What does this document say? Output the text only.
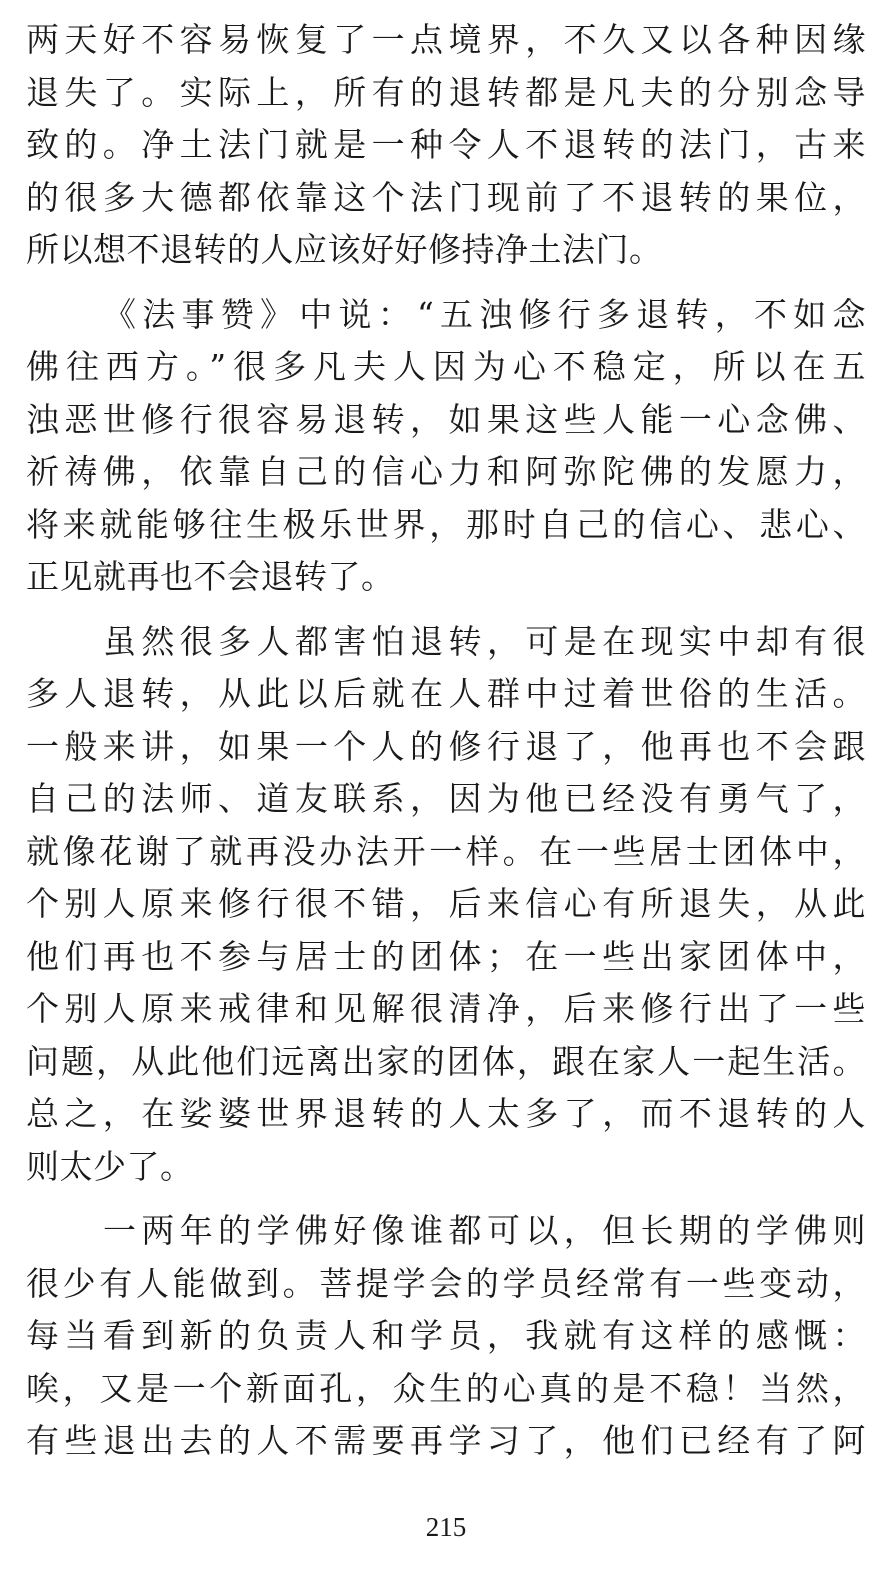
两天好不容易恢复了一点境界，不久又以各种因缘
退失了。实际上，所有的退转都是凡夫的分别念导
致的。净土法门就是一种令人不退转的法门，古来
的很多大德都依靠这个法门现前了不退转的果位，
所以想不退转的人应该好好修持净土法门。
《法事赞》中说：“五浊修行多退转，不如念
佛往西方。”很多凡夫人因为心不稳定，所以在五
浊恶世修行很容易退转，如果这些人能一心念佛、
祈祷佛，依靠自己的信心力和阿弥陀佛的发愿力，
将来就能够往生极乐世界，那时自己的信心、悲心、
正见就再也不会退转了。
虽然很多人都害怕退转，可是在现实中却有很
多人退转，从此以后就在人群中过着世俗的生活。
一般来讲，如果一个人的修行退了，他再也不会跟
自己的法师、道友联系，因为他已经没有勇气了，
就像花谢了就再没办法开一样。在一些居士团体中，
个别人原来修行很不错，后来信心有所退失，从此
他们再也不参与居士的团体；在一些出家团体中，
个别人原来戒律和见解很清净，后来修行出了一些
问题，从此他们远离出家的团体，跟在家人一起生活。
总之，在娑婆世界退转的人太多了，而不退转的人
则太少了。
一两年的学佛好像谁都可以，但长期的学佛则
很少有人能做到。菩提学会的学员经常有一些变动，
每当看到新的负责人和学员，我就有这样的感慨：
唉，又是一个新面孔，众生的心真的是不稳！当然，
有些退出去的人不需要再学习了，他们已经有了阿
215
